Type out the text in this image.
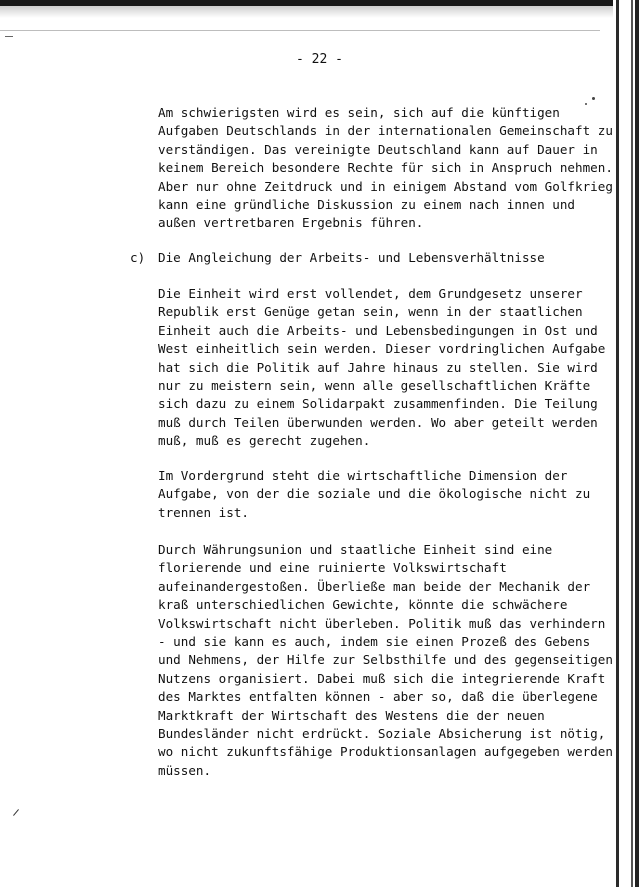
- 22 -
Am schwierigsten wird es sein, sich auf die künftigen
Aufgaben Deutschlands in der internationalen Gemeinschaft zu
verständigen. Das vereinigte Deutschland kann auf Dauer in
keinem Bereich besondere Rechte für sich in Anspruch nehmen.
Aber nur ohne Zeitdruck und in einigem Abstand vom Golfkrieg
kann eine gründliche Diskussion zu einem nach innen und
außen vertretbaren Ergebnis führen.
c) Die Angleichung der Arbeits- und Lebensverhältnisse
Die Einheit wird erst vollendet, dem Grundgesetz unserer
Republik erst Genüge getan sein, wenn in der staatlichen
Einheit auch die Arbeits- und Lebensbedingungen in Ost und
West einheitlich sein werden. Dieser vordringlichen Aufgabe
hat sich die Politik auf Jahre hinaus zu stellen. Sie wird
nur zu meistern sein, wenn alle gesellschaftlichen Kräfte
sich dazu zu einem Solidarpakt zusammenfinden. Die Teilung
muß durch Teilen überwunden werden. Wo aber geteilt werden
muß, muß es gerecht zugehen.
Im Vordergrund steht die wirtschaftliche Dimension der
Aufgabe, von der die soziale und die ökologische nicht zu
trennen ist.
Durch Währungsunion und staatliche Einheit sind eine
florierende und eine ruinierte Volkswirtschaft
aufeinandergestoßen. Überließe man beide der Mechanik der
kraß unterschiedlichen Gewichte, könnte die schwächere
Volkswirtschaft nicht überleben. Politik muß das verhindern
- und sie kann es auch, indem sie einen Prozeß des Gebens
und Nehmens, der Hilfe zur Selbsthilfe und des gegenseitigen
Nutzens organisiert. Dabei muß sich die integrierende Kraft
des Marktes entfalten können - aber so, daß die überlegene
Marktkraft der Wirtschaft des Westens die der neuen
Bundesländer nicht erdrückt. Soziale Absicherung ist nötig,
wo nicht zukunftsfähige Produktionsanlagen aufgegeben werden
müssen.
